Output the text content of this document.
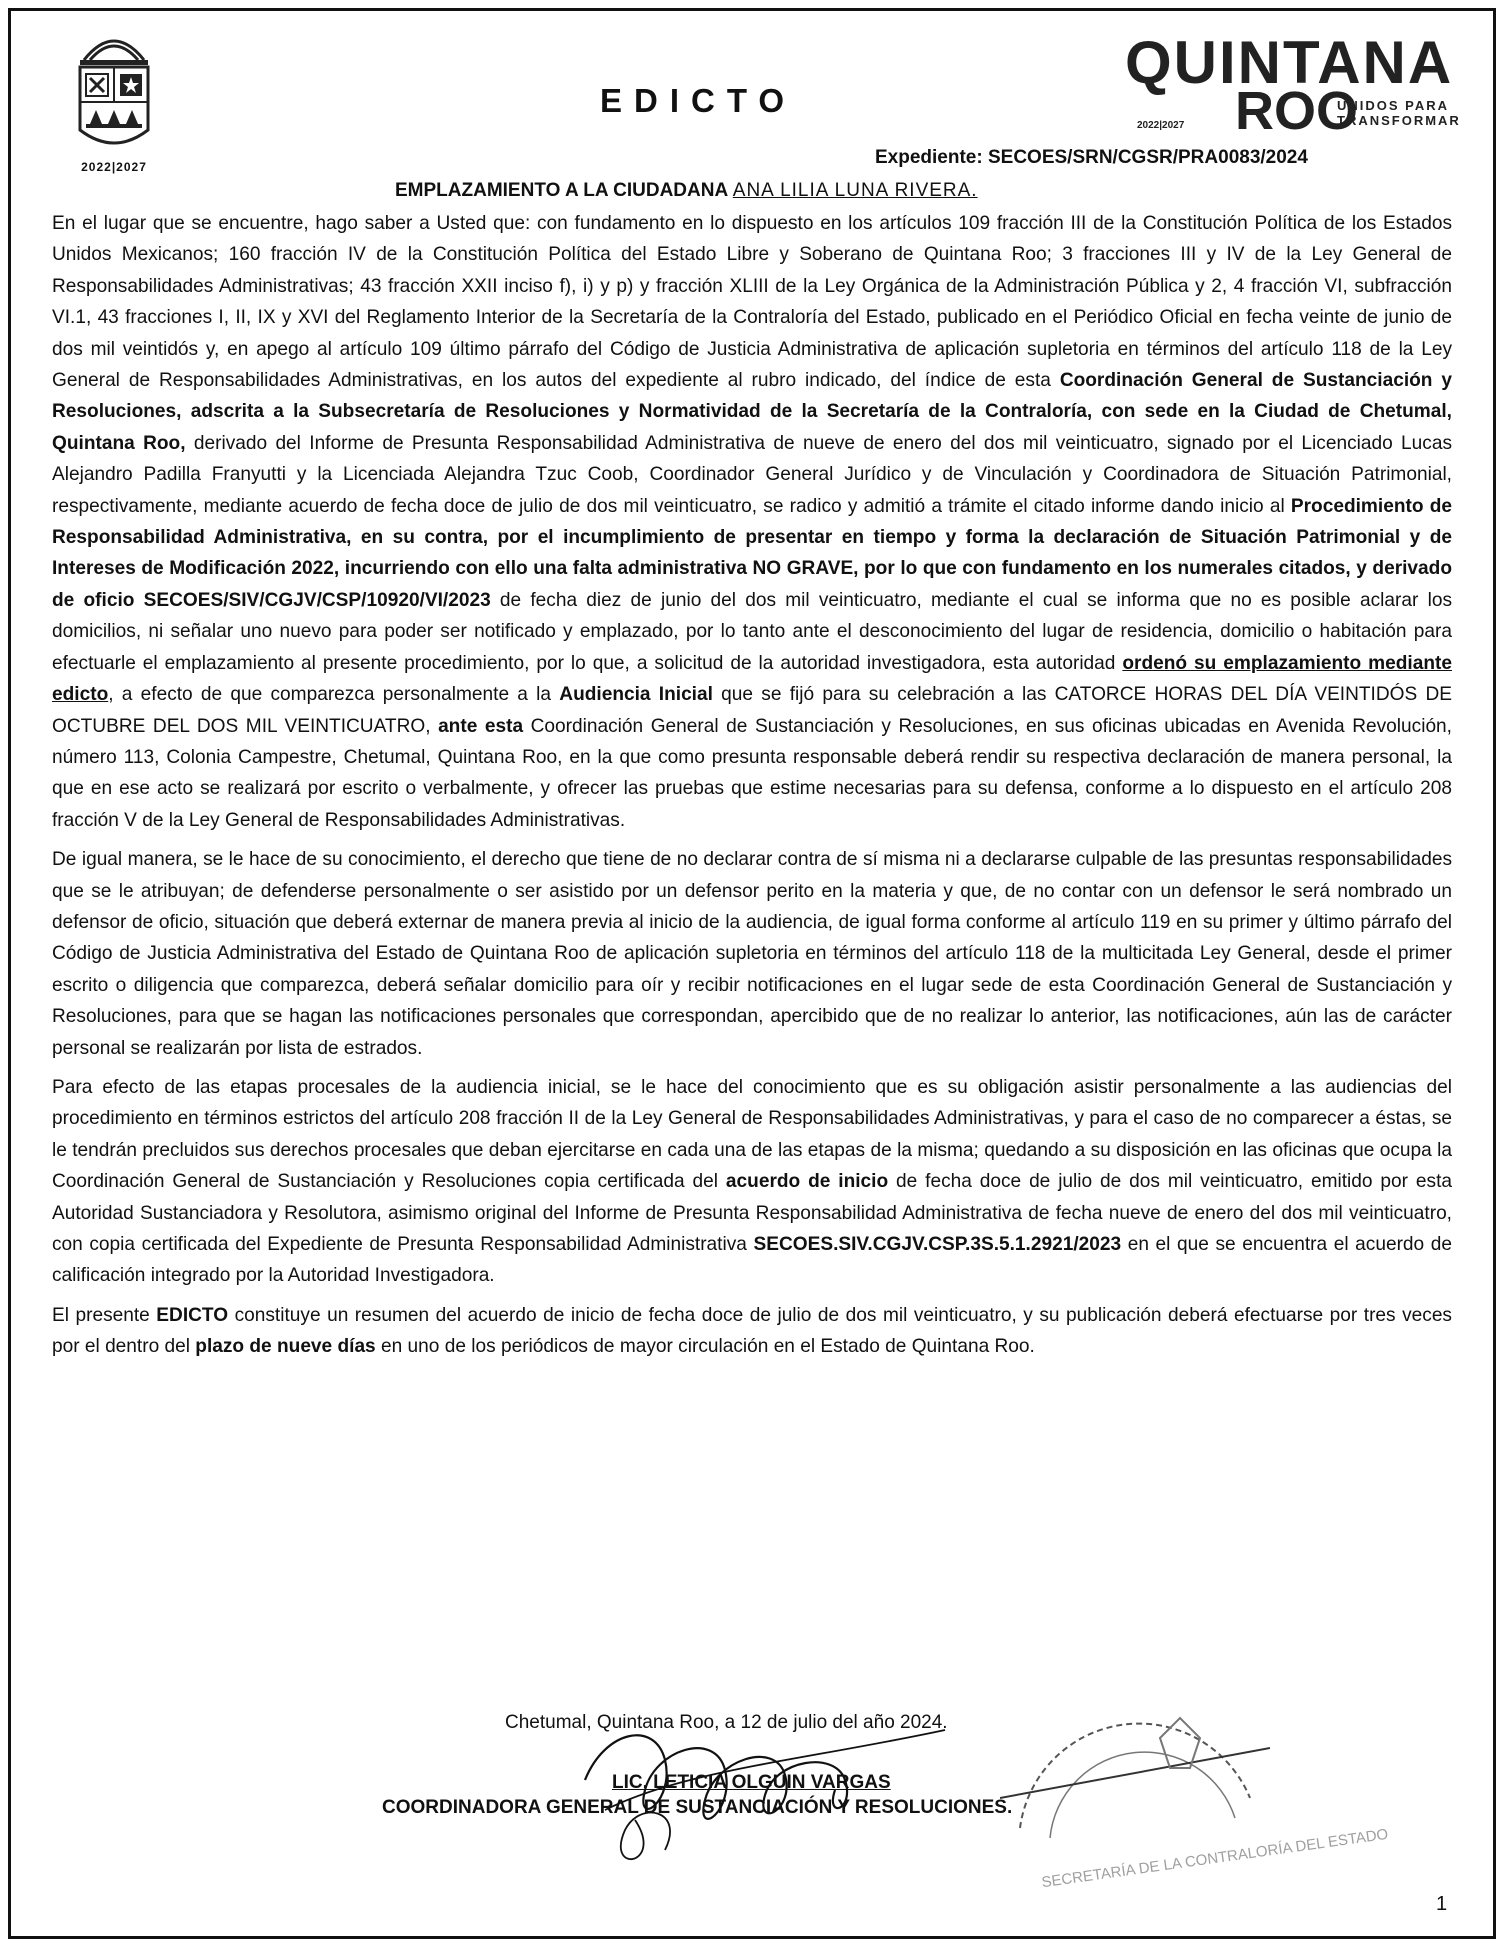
2022|2027
EDICTO
QUINTANA
ROO
UNIDOS PARA
TRANSFORMAR
2022|2027
Expediente: SECOES/SRN/CGSR/PRA0083/2024
EMPLAZAMIENTO A LA CIUDADANA ANA LILIA LUNA RIVERA.

En el lugar que se encuentre, hago saber a Usted que: con fundamento en lo dispuesto en los artículos 109 fracción III de la Constitución Política de los Estados Unidos Mexicanos; 160 fracción IV de la Constitución Política del Estado Libre y Soberano de Quintana Roo; 3 fracciones III y IV de la Ley General de Responsabilidades Administrativas; 43 fracción XXII inciso f), i) y p) y fracción XLIII de la Ley Orgánica de la Administración Pública y 2, 4 fracción VI, subfracción VI.1, 43 fracciones I, II, IX y XVI del Reglamento Interior de la Secretaría de la Contraloría del Estado, publicado en el Periódico Oficial en fecha veinte de junio de dos mil veintidós y, en apego al artículo 109 último párrafo del Código de Justicia Administrativa de aplicación supletoria en términos del artículo 118 de la Ley General de Responsabilidades Administrativas, en los autos del expediente al rubro indicado, del índice de esta Coordinación General de Sustanciación y Resoluciones, adscrita a la Subsecretaría de Resoluciones y Normatividad de la Secretaría de la Contraloría, con sede en la Ciudad de Chetumal, Quintana Roo, derivado del Informe de Presunta Responsabilidad Administrativa de nueve de enero del dos mil veinticuatro, signado por el Licenciado Lucas Alejandro Padilla Franyutti y la Licenciada Alejandra Tzuc Coob, Coordinador General Jurídico y de Vinculación y Coordinadora de Situación Patrimonial, respectivamente, mediante acuerdo de fecha doce de julio de dos mil veinticuatro, se radico y admitió a trámite el citado informe dando inicio al Procedimiento de Responsabilidad Administrativa, en su contra, por el incumplimiento de presentar en tiempo y forma la declaración de Situación Patrimonial y de Intereses de Modificación 2022, incurriendo con ello una falta administrativa NO GRAVE, por lo que con fundamento en los numerales citados, y derivado de oficio SECOES/SIV/CGJV/CSP/10920/VI/2023 de fecha diez de junio del dos mil veinticuatro, mediante el cual se informa que no es posible aclarar los domicilios, ni señalar uno nuevo para poder ser notificado y emplazado, por lo tanto ante el desconocimiento del lugar de residencia, domicilio o habitación para efectuarle el emplazamiento al presente procedimiento, por lo que, a solicitud de la autoridad investigadora, esta autoridad ordenó su emplazamiento mediante edicto, a efecto de que comparezca personalmente a la Audiencia Inicial que se fijó para su celebración a las CATORCE HORAS DEL DÍA VEINTIDÓS DE OCTUBRE DEL DOS MIL VEINTICUATRO, ante esta Coordinación General de Sustanciación y Resoluciones, en sus oficinas ubicadas en Avenida Revolución, número 113, Colonia Campestre, Chetumal, Quintana Roo, en la que como presunta responsable deberá rendir su respectiva declaración de manera personal, la que en ese acto se realizará por escrito o verbalmente, y ofrecer las pruebas que estime necesarias para su defensa, conforme a lo dispuesto en el artículo 208 fracción V de la Ley General de Responsabilidades Administrativas.

De igual manera, se le hace de su conocimiento, el derecho que tiene de no declarar contra de sí misma ni a declararse culpable de las presuntas responsabilidades que se le atribuyan; de defenderse personalmente o ser asistido por un defensor perito en la materia y que, de no contar con un defensor le será nombrado un defensor de oficio, situación que deberá externar de manera previa al inicio de la audiencia, de igual forma conforme al artículo 119 en su primer y último párrafo del Código de Justicia Administrativa del Estado de Quintana Roo de aplicación supletoria en términos del artículo 118 de la multicitada Ley General, desde el primer escrito o diligencia que comparezca, deberá señalar domicilio para oír y recibir notificaciones en el lugar sede de esta Coordinación General de Sustanciación y Resoluciones, para que se hagan las notificaciones personales que correspondan, apercibido que de no realizar lo anterior, las notificaciones, aún las de carácter personal se realizarán por lista de estrados.

Para efecto de las etapas procesales de la audiencia inicial, se le hace del conocimiento que es su obligación asistir personalmente a las audiencias del procedimiento en términos estrictos del artículo 208 fracción II de la Ley General de Responsabilidades Administrativas, y para el caso de no comparecer a éstas, se le tendrán precluidos sus derechos procesales que deban ejercitarse en cada una de las etapas de la misma; quedando a su disposición en las oficinas que ocupa la Coordinación General de Sustanciación y Resoluciones copia certificada del acuerdo de inicio de fecha doce de julio de dos mil veinticuatro, emitido por esta Autoridad Sustanciadora y Resolutora, asimismo original del Informe de Presunta Responsabilidad Administrativa de fecha nueve de enero del dos mil veinticuatro, con copia certificada del Expediente de Presunta Responsabilidad Administrativa SECOES.SIV.CGJV.CSP.3S.5.1.2921/2023 en el que se encuentra el acuerdo de calificación integrado por la Autoridad Investigadora.

El presente EDICTO constituye un resumen del acuerdo de inicio de fecha doce de julio de dos mil veinticuatro, y su publicación deberá efectuarse por tres veces por el dentro del plazo de nueve días en uno de los periódicos de mayor circulación en el Estado de Quintana Roo.

SECRETARÍA DE LA CONTRALORÍA DEL ESTADO
Chetumal, Quintana Roo, a 12 de julio del año 2024.
LIC. LETICIA OLGUIN VARGAS
COORDINADORA GENERAL DE SUSTANCIACIÓN Y RESOLUCIONES.
1
